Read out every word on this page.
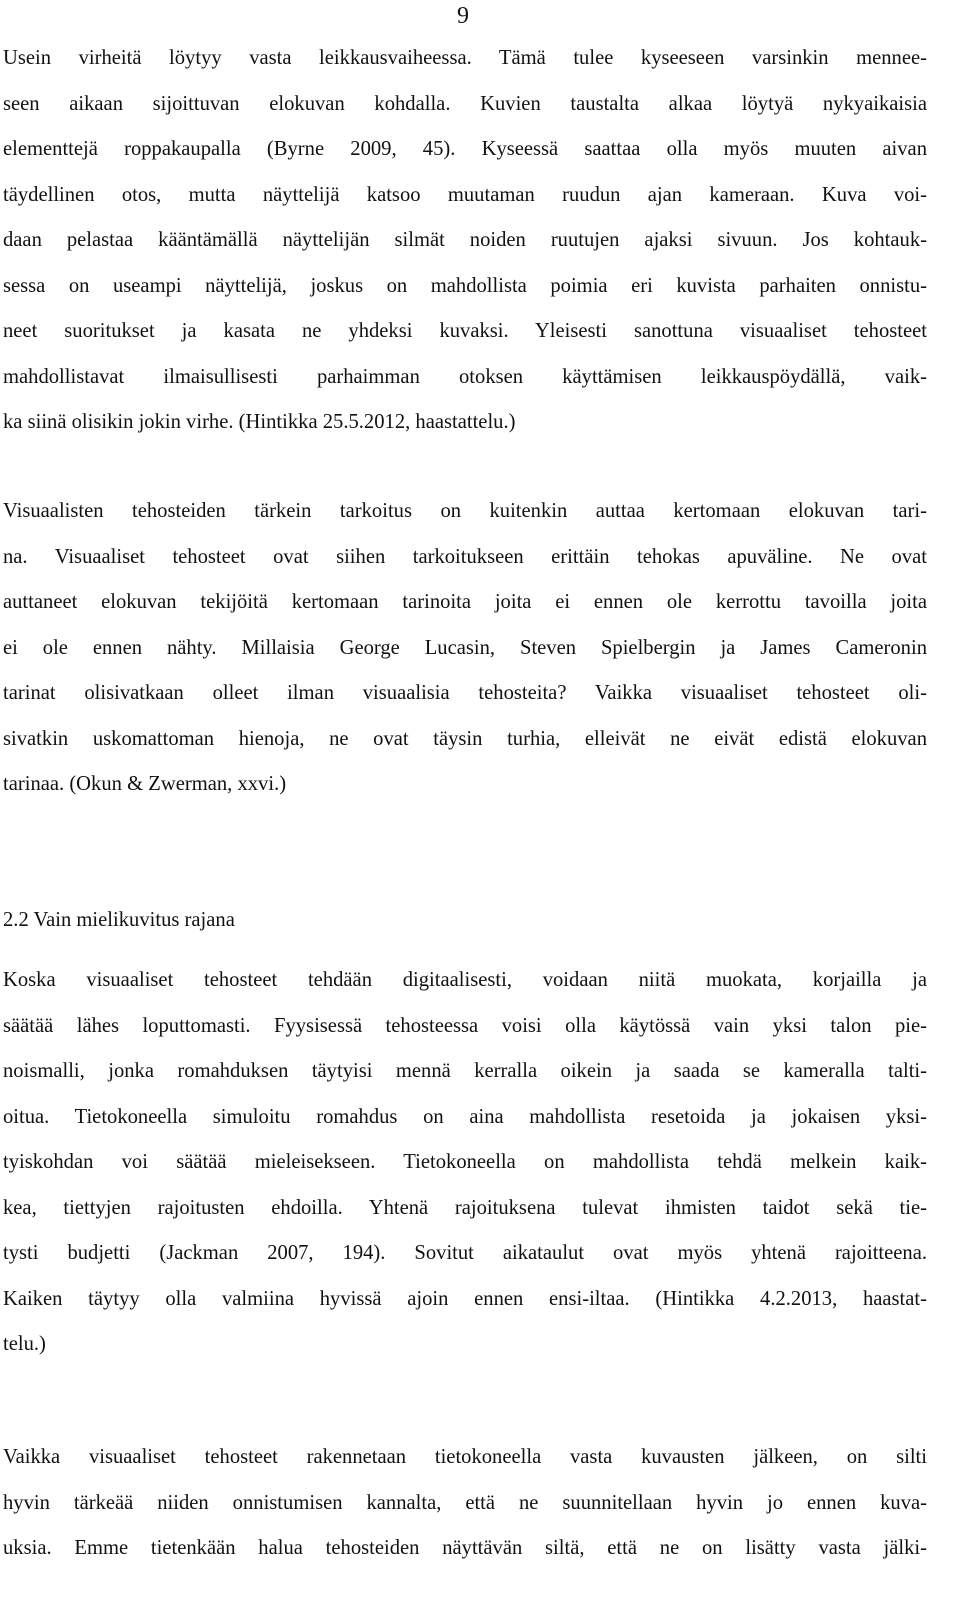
9
Usein virheitä löytyy vasta leikkausvaiheessa. Tämä tulee kyseeseen varsinkin mennee-
seen aikaan sijoittuvan elokuvan kohdalla. Kuvien taustalta alkaa löytyä nykyaikaisia
elementtejä roppakaupalla (Byrne 2009, 45). Kyseessä saattaa olla myös muuten aivan
täydellinen otos, mutta näyttelijä katsoo muutaman ruudun ajan kameraan. Kuva voi-
daan pelastaa kääntämällä näyttelijän silmät noiden ruutujen ajaksi sivuun. Jos kohtauk-
sessa on useampi näyttelijä, joskus on mahdollista poimia eri kuvista parhaiten onnistu-
neet suoritukset ja kasata ne yhdeksi kuvaksi. Yleisesti sanottuna visuaaliset tehosteet
mahdollistavat ilmaisullisesti parhaimman otoksen käyttämisen leikkauspöydällä, vaik-
ka siinä olisikin jokin virhe. (Hintikka 25.5.2012, haastattelu.)
Visuaalisten tehosteiden tärkein tarkoitus on kuitenkin auttaa kertomaan elokuvan tari-
na. Visuaaliset tehosteet ovat siihen tarkoitukseen erittäin tehokas apuväline. Ne ovat
auttaneet elokuvan tekijöitä kertomaan tarinoita joita ei ennen ole kerrottu tavoilla joita
ei ole ennen nähty. Millaisia George Lucasin, Steven Spielbergin ja James Cameronin
tarinat olisivatkaan olleet ilman visuaalisia tehosteita? Vaikka visuaaliset tehosteet oli-
sivatkin uskomattoman hienoja, ne ovat täysin turhia, elleivät ne eivät edistä elokuvan
tarinaa. (Okun & Zwerman, xxvi.)
2.2 Vain mielikuvitus rajana
Koska visuaaliset tehosteet tehdään digitaalisesti, voidaan niitä muokata, korjailla ja
säätää lähes loputtomasti. Fyysisessä tehosteessa voisi olla käytössä vain yksi talon pie-
noismalli, jonka romahduksen täytyisi mennä kerralla oikein ja saada se kameralla talti-
oitua. Tietokoneella simuloitu romahdus on aina mahdollista resetoida ja jokaisen yksi-
tyiskohdan voi säätää mieleisekseen. Tietokoneella on mahdollista tehdä melkein kaik-
kea, tiettyjen rajoitusten ehdoilla. Yhtenä rajoituksena tulevat ihmisten taidot sekä tie-
tysti budjetti (Jackman 2007, 194). Sovitut aikataulut ovat myös yhtenä rajoitteena.
Kaiken täytyy olla valmiina hyvissä ajoin ennen ensi-iltaa. (Hintikka 4.2.2013, haastat-
telu.)
Vaikka visuaaliset tehosteet rakennetaan tietokoneella vasta kuvausten jälkeen, on silti
hyvin tärkeää niiden onnistumisen kannalta, että ne suunnitellaan hyvin jo ennen kuva-
uksia. Emme tietenkään halua tehosteiden näyttävän siltä, että ne on lisätty vasta jälki-
